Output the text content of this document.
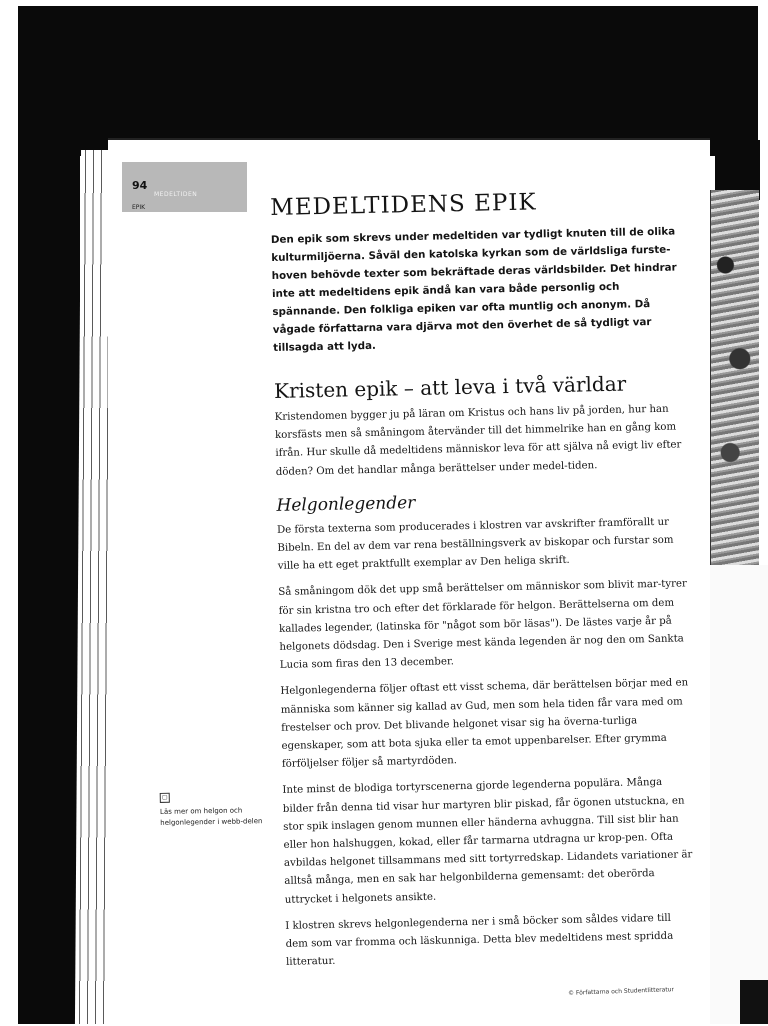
94
MEDELTIDEN
EPIK	MEDELTIDENS EPIK
Den epik som skrevs under medeltiden var tydligt knuten till de olika kulturmiljöerna. Såväl den katolska kyrkan som de världsliga furste-hoven behövde texter som bekräftade deras världsbilder. Det hindrar inte att medeltidens epik ändå kan vara både personlig och spännande. Den folkliga epiken var ofta muntlig och anonym. Då vågade författarna vara djärva mot den överhet de så tydligt var tillsagda att lyda.
Kristen epik – att leva i två världar

Kristendomen bygger ju på läran om Kristus och hans liv på jorden, hur han korsfästs men så småningom återvänder till det himmelrike han en gång kom ifrån. Hur skulle då medeltidens människor leva för att själva nå evigt liv efter döden? Om det handlar många berättelser under medel-tiden.

Helgonlegender

De första texterna som producerades i klostren var avskrifter framförallt ur Bibeln. En del av dem var rena beställningsverk av biskopar och furstar som ville ha ett eget praktfullt exemplar av Den heliga skrift.

Så småningom dök det upp små berättelser om människor som blivit mar-tyrer för sin kristna tro och efter det förklarade för helgon. Berättelserna om dem kallades legender, (latinska för "något som bör läsas"). De lästes varje år på helgonets dödsdag. Den i Sverige mest kända legenden är nog den om Sankta Lucia som firas den 13 december.

Helgonlegenderna följer oftast ett visst schema, där berättelsen börjar med en människa som känner sig kallad av Gud, men som hela tiden får vara med om frestelser och prov. Det blivande helgonet visar sig ha överna-turliga egenskaper, som att bota sjuka eller ta emot uppenbarelser. Efter grymma förföljelser följer så martyrdöden.

Inte minst de blodiga tortyrscenerna gjorde legenderna populära. Många bilder från denna tid visar hur martyren blir piskad, får ögonen utstuckna, en stor spik inslagen genom munnen eller händerna avhuggna. Till sist blir han eller hon halshuggen, kokad, eller får tarmarna utdragna ur krop-pen. Ofta avbildas helgonet tillsammans med sitt tortyrredskap. Lidandets variationer är alltså många, men en sak har helgonbilderna gemensamt: det oberörda uttrycket i helgonets ansikte.

I klostren skrevs helgonlegenderna ner i små böcker som såldes vidare till dem som var fromma och läskunniga. Detta blev medeltidens mest spridda litteratur.

▢
Läs mer om helgon och helgonlegender i webb-delen
© Författarna och Studentlitteratur
